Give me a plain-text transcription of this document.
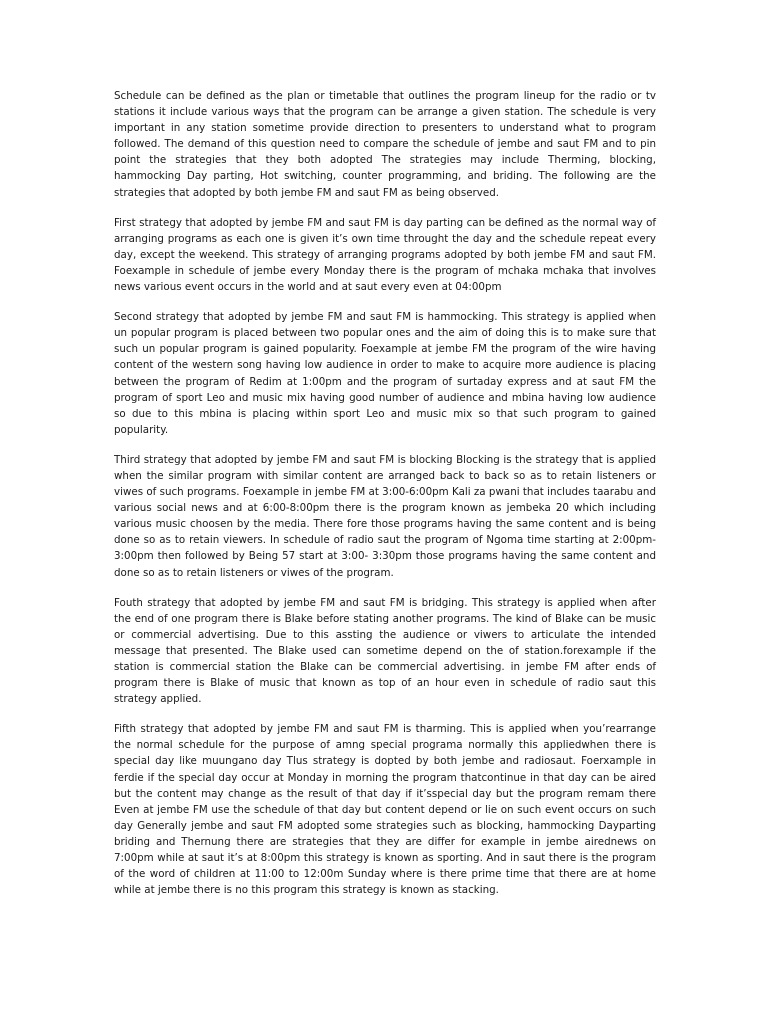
Schedule can be defined as the plan or timetable that outlines the program lineup for the radio or tv stations it include various ways that the program can be arrange a given station. The schedule is very important in any station sometime provide direction to presenters to understand what to program followed. The demand of this question need to compare the schedule of jembe and saut FM and to pin point the strategies that they both adopted The strategies may include Therming, blocking, hammocking Day parting, Hot switching, counter programming, and briding. The following are the strategies that adopted by both jembe FM and saut FM as being observed.

First strategy that adopted by jembe FM and saut FM is day parting can be defined as the normal way of arranging programs as each one is given it’s own time throught the day and the schedule repeat every day, except the weekend. This strategy of arranging programs adopted by both jembe FM and saut FM. Foexample in schedule of jembe every Monday there is the program of mchaka mchaka that involves news various event occurs in the world and at saut every even at 04:00pm

Second strategy that adopted by jembe FM and saut FM is hammocking. This strategy is applied when un popular program is placed between two popular ones and the aim of doing this is to make sure that such un popular program is gained popularity. Foexample at jembe FM the program of the wire having content of the western song having low audience in order to make to acquire more audience is placing between the program of Redim at 1:00pm and the program of surtaday express and at saut FM the program of sport Leo and music mix having good number of audience and mbina having low audience so due to this mbina is placing within sport Leo and music mix so that such program to gained popularity.

Third strategy that adopted by jembe FM and saut FM is blocking Blocking is the strategy that is applied when the similar program with similar content are arranged back to back so as to retain listeners or viwes of such programs. Foexample in jembe FM at 3:00-6:00pm Kali za pwani that includes taarabu and various social news and at 6:00-8:00pm there is the program known as jembeka 20 which including various music choosen by the media. There fore those programs having the same content and is being done so as to retain viewers. In schedule of radio saut the program of Ngoma time starting at 2:00pm-3:00pm then followed by Being 57 start at 3:00- 3:30pm those programs having the same content and done so as to retain listeners or viwes of the program.

Fouth strategy that adopted by jembe FM and saut FM is bridging. This strategy is applied when after the end of one program there is Blake before stating another programs. The kind of Blake can be music or commercial advertising. Due to this assting the audience or viwers to articulate the intended message that presented. The Blake used can sometime depend on the of station.forexample if the station is commercial station the Blake can be commercial advertising. in jembe FM after ends of program there is Blake of music that known as top of an hour even in schedule of radio saut this strategy applied.

Fifth strategy that adopted by jembe FM and saut FM is tharming. This is applied when you’rearrange the normal schedule for the purpose of amng special programa normally this appliedwhen there is special day like muungano day Tlus strategy is dopted by both jembe and radiosaut. Foerxample in ferdie if the special day occur at Monday in morning the program thatcontinue in that day can be aired but the content may change as the result of that day if it’sspecial day but the program remam there Even at jembe FM use the schedule of that day but content depend or lie on such event occurs on such day Generally jembe and saut FM adopted some strategies such as blocking, hammocking Dayparting briding and Thernung there are strategies that they are differ for example in jembe airednews on 7:00pm while at saut it’s at 8:00pm this strategy is known as sporting. And in saut there is the program of the word of children at 11:00 to 12:00m Sunday where is there prime time that there are at home while at jembe there is no this program this strategy is known as stacking.
